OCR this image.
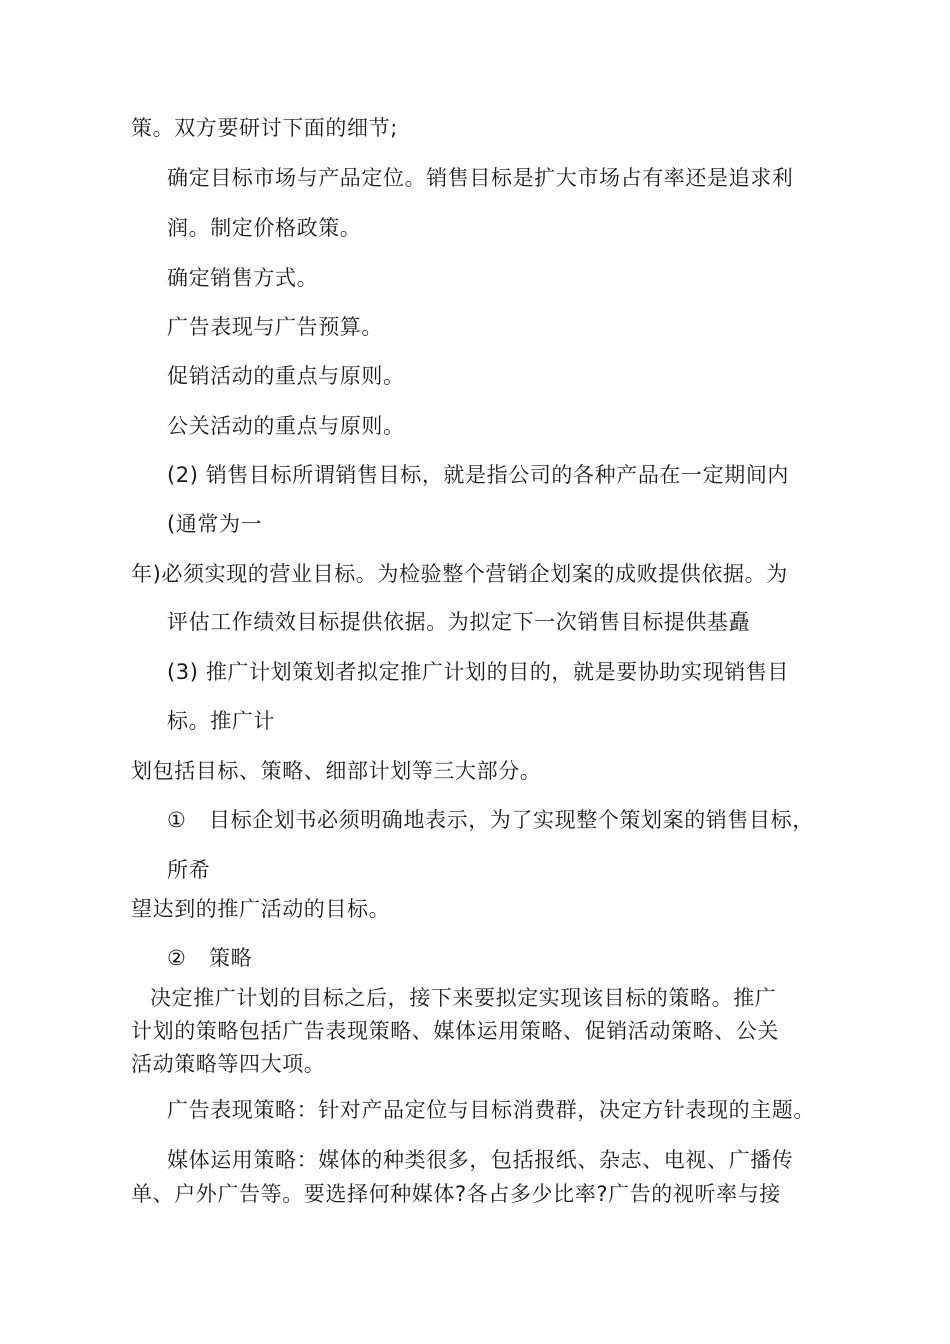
策。双方要研讨下面的细节;
确定目标市场与产品定位。销售目标是扩大市场占有率还是追求利
润。制定价格政策。
确定销售方式。
广告表现与广告预算。
促销活动的重点与原则。
公关活动的重点与原则。
(2) 销售目标所谓销售目标，就是指公司的各种产品在一定期间内
(通常为一
年)必须实现的营业目标。为检验整个营销企划案的成败提供依据。为
评估工作绩效目标提供依据。为拟定下一次销售目标提供基矗
(3) 推广计划策划者拟定推广计划的目的，就是要协助实现销售目
标。推广计
划包括目标、策略、细部计划等三大部分。
① 目标企划书必须明确地表示，为了实现整个策划案的销售目标，
所希
望达到的推广活动的目标。
② 策略
决定推广计划的目标之后，接下来要拟定实现该目标的策略。推广
计划的策略包括广告表现策略、媒体运用策略、促销活动策略、公关
活动策略等四大项。
广告表现策略：针对产品定位与目标消费群，决定方针表现的主题。
媒体运用策略：媒体的种类很多，包括报纸、杂志、电视、广播传
单、户外广告等。要选择何种媒体?各占多少比率?广告的视听率与接
